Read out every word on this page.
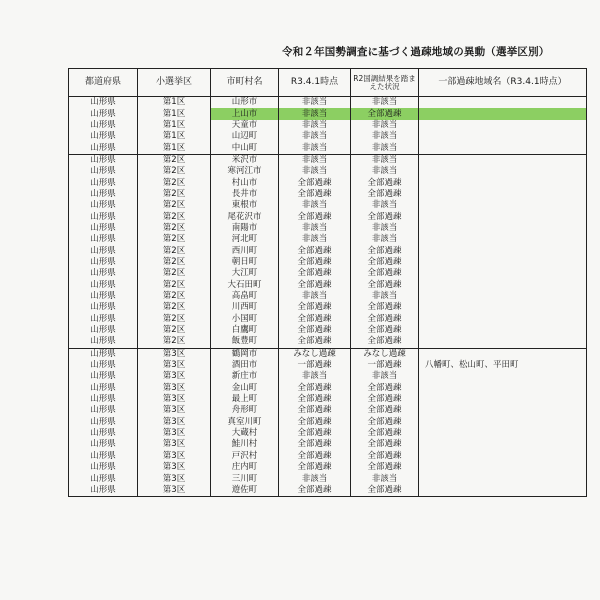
令和２年国勢調査に基づく過疎地域の異動（選挙区別）
都道府県	小選挙区	市町村名	R3.4.1時点	R2国調結果を踏まえた状況	一部過疎地域名（R3.4.1時点）
山形県	第1区	山形市	非該当	非該当	
山形県	第1区	上山市	非該当	全部過疎	
山形県	第1区	天童市	非該当	非該当	
山形県	第1区	山辺町	非該当	非該当	
山形県	第1区	中山町	非該当	非該当	
山形県	第2区	米沢市	非該当	非該当	
山形県	第2区	寒河江市	非該当	非該当	
山形県	第2区	村山市	全部過疎	全部過疎	
山形県	第2区	長井市	全部過疎	全部過疎	
山形県	第2区	東根市	非該当	非該当	
山形県	第2区	尾花沢市	全部過疎	全部過疎	
山形県	第2区	南陽市	非該当	非該当	
山形県	第2区	河北町	非該当	非該当	
山形県	第2区	西川町	全部過疎	全部過疎	
山形県	第2区	朝日町	全部過疎	全部過疎	
山形県	第2区	大江町	全部過疎	全部過疎	
山形県	第2区	大石田町	全部過疎	全部過疎	
山形県	第2区	高畠町	非該当	非該当	
山形県	第2区	川西町	全部過疎	全部過疎	
山形県	第2区	小国町	全部過疎	全部過疎	
山形県	第2区	白鷹町	全部過疎	全部過疎	
山形県	第2区	飯豊町	全部過疎	全部過疎	
山形県	第3区	鶴岡市	みなし過疎	みなし過疎	
山形県	第3区	酒田市	一部過疎	一部過疎	八幡町、松山町、平田町
山形県	第3区	新庄市	非該当	非該当	
山形県	第3区	金山町	全部過疎	全部過疎	
山形県	第3区	最上町	全部過疎	全部過疎	
山形県	第3区	舟形町	全部過疎	全部過疎	
山形県	第3区	真室川町	全部過疎	全部過疎	
山形県	第3区	大蔵村	全部過疎	全部過疎	
山形県	第3区	鮭川村	全部過疎	全部過疎	
山形県	第3区	戸沢村	全部過疎	全部過疎	
山形県	第3区	庄内町	全部過疎	全部過疎	
山形県	第3区	三川町	非該当	非該当	
山形県	第3区	遊佐町	全部過疎	全部過疎	
